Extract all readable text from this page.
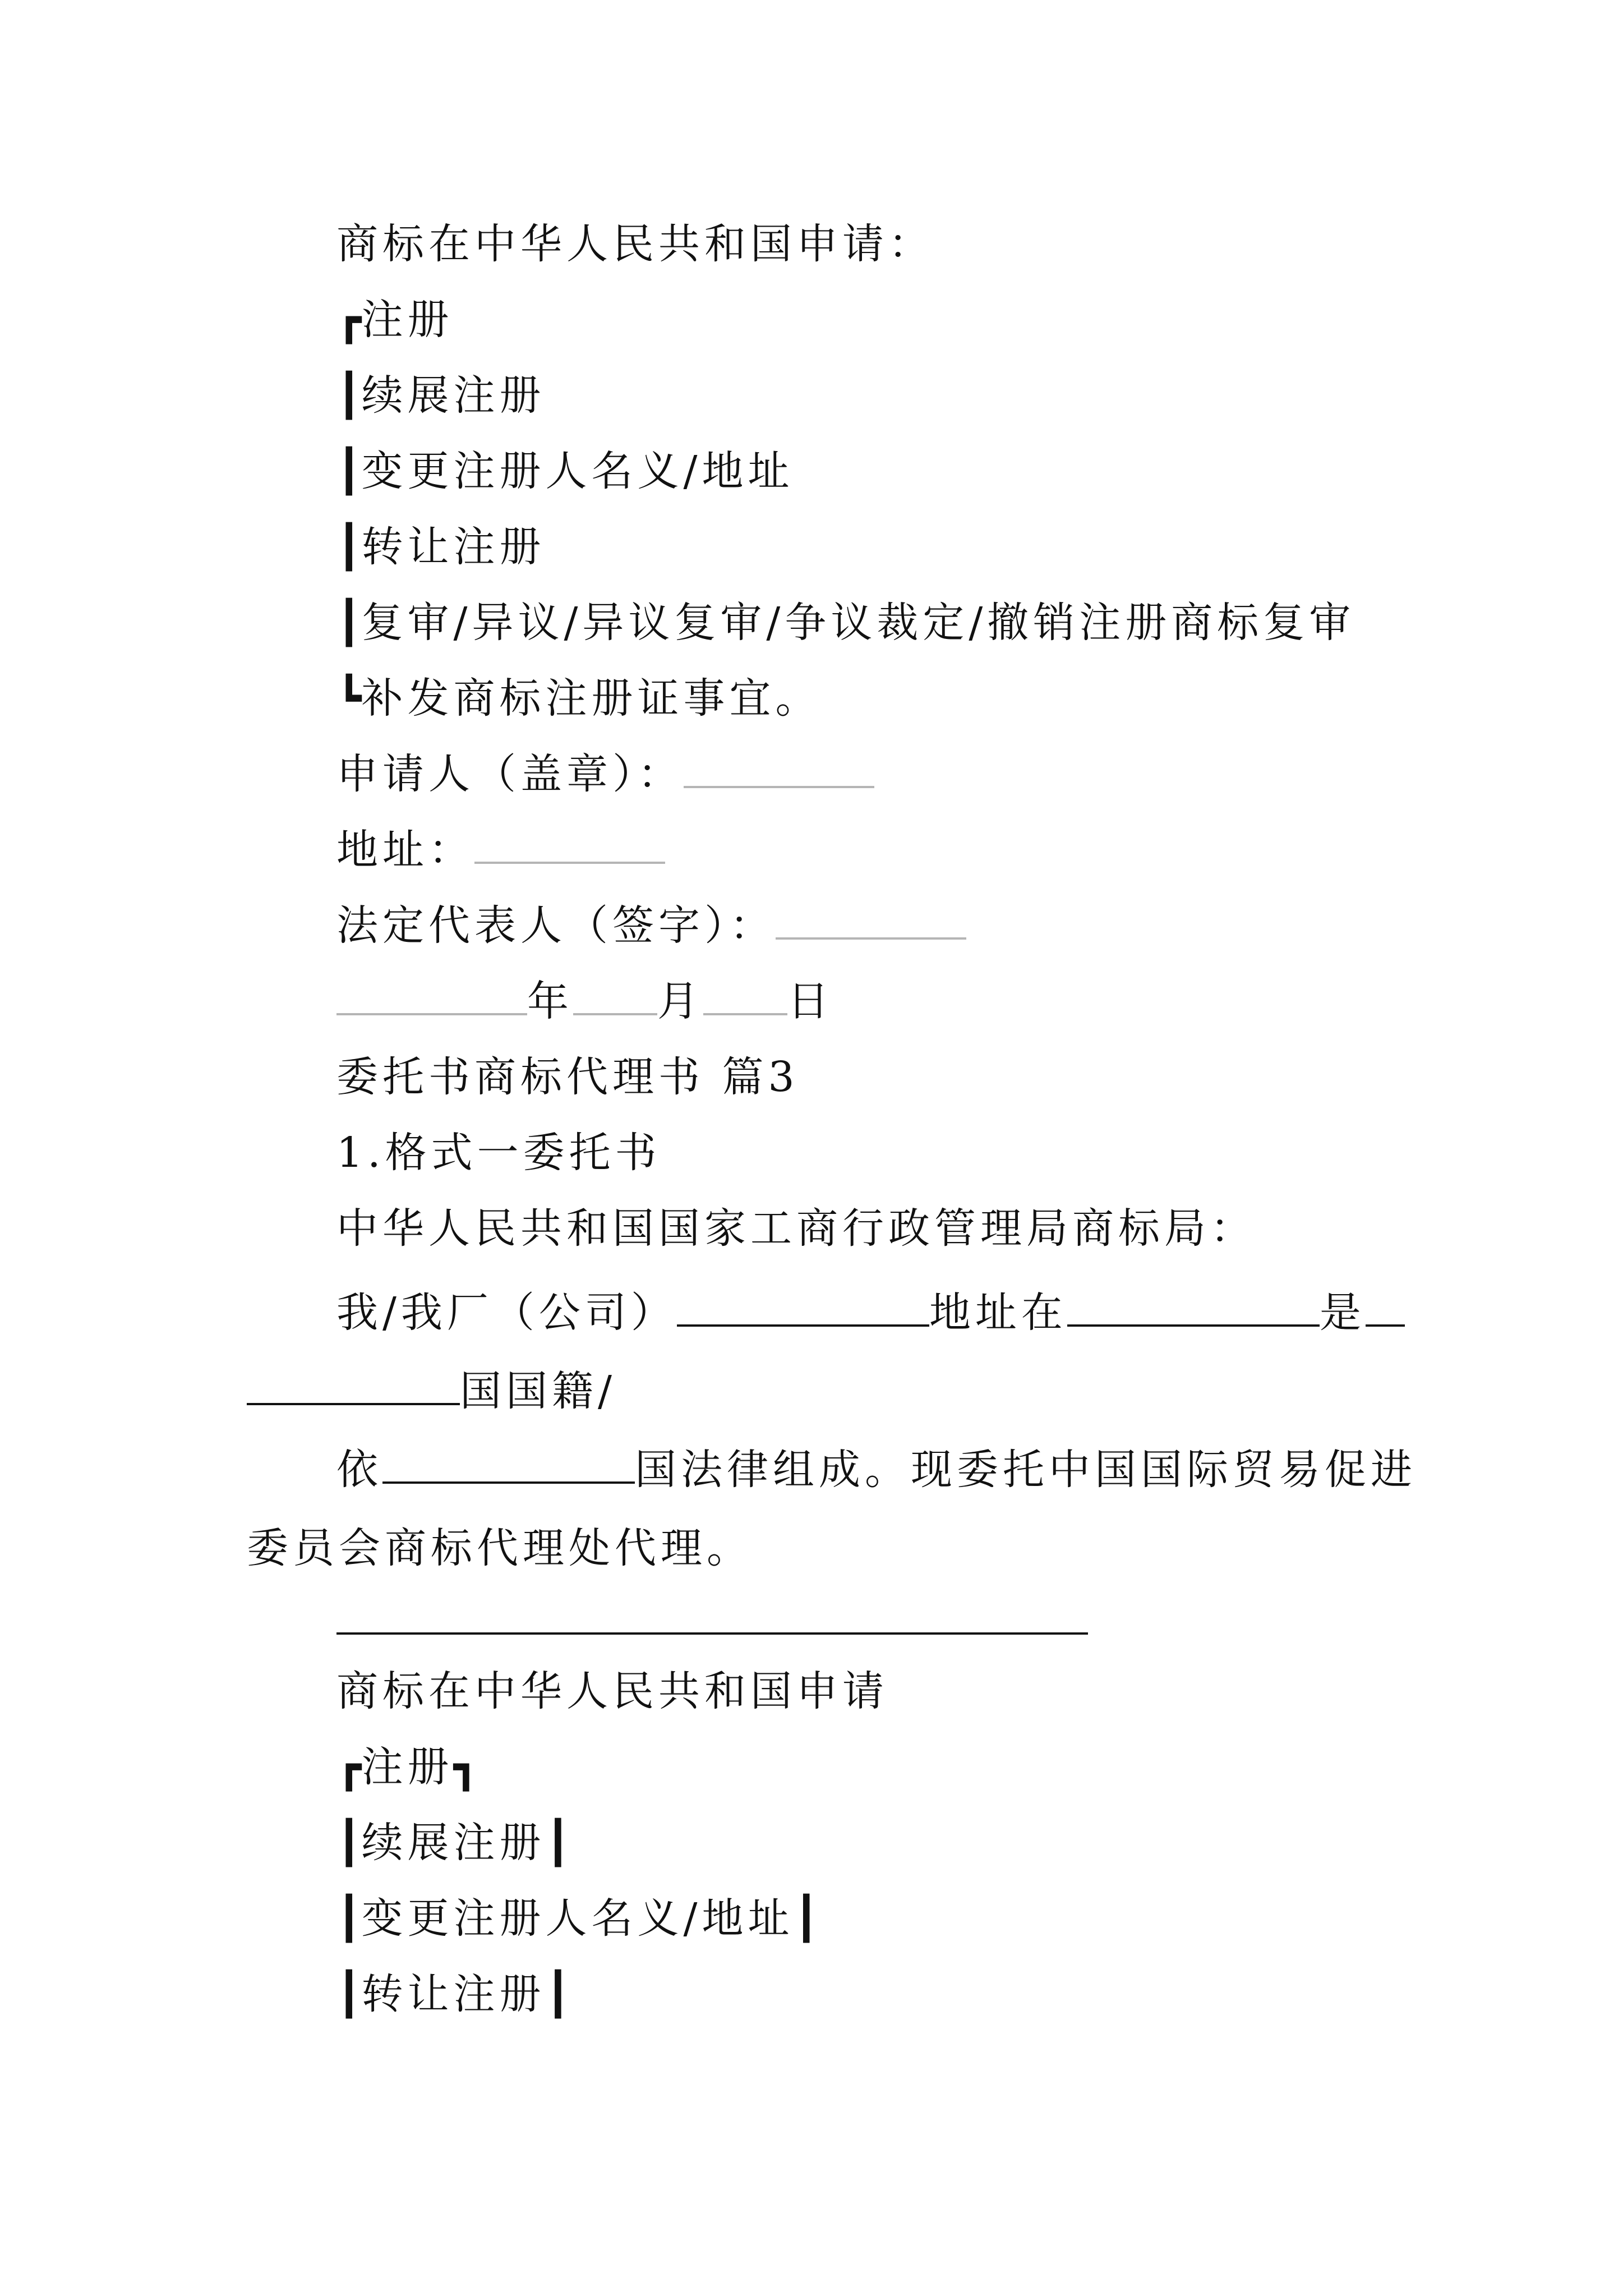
商标在中华人民共和国申请：
┏注册
┃续展注册
┃变更注册人名义/地址
┃转让注册
┃复审/异议/异议复审/争议裁定/撤销注册商标复审
┗补发商标注册证事宜。
申请人（盖章）：
地址：
法定代表人（签字）：
年 月 日
委托书商标代理书 篇3
1.格式一委托书
中华人民共和国国家工商行政管理局商标局：
我/我厂（公司）	地址在	是
国国籍/
依	国法律组成。现委托中国国际贸易促进
委员会商标代理处代理。
商标在中华人民共和国申请
┏注册┓
┃续展注册┃
┃变更注册人名义/地址┃
┃转让注册┃
